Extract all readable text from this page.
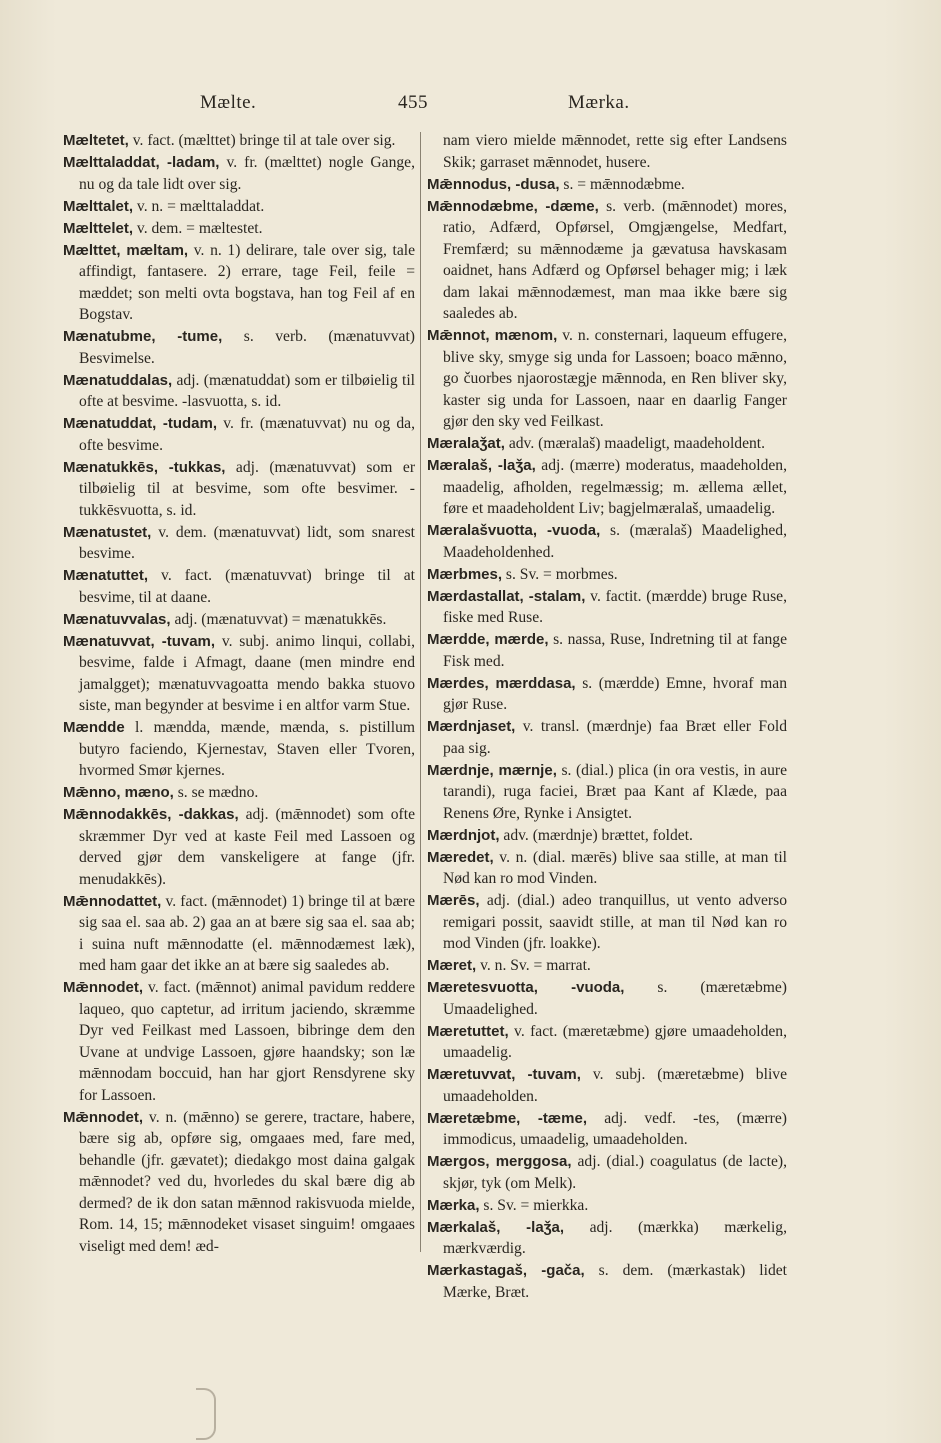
Mælte.	455	Mærka.

Mæltetet, v. fact. (mælttet) bringe til at tale over sig.

Mælttaladdat, -ladam, v. fr. (mælttet) nogle Gange, nu og da tale lidt over sig.

Mælttalet, v. n. = mælttaladdat.

Mælttelet, v. dem. = mæltestet.

Mælttet, mæltam, v. n. 1) delirare, tale over sig, tale affindigt, fantasere. 2) errare, tage Feil, feile = mæddet; son melti ovta bogstava, han tog Feil af en Bogstav.

Mænatubme, -tume, s. verb. (mænatuvvat) Besvimelse.

Mænatuddalas, adj. (mænatuddat) som er tilbøielig til ofte at besvime. -lasvuotta, s. id.

Mænatuddat, -tudam, v. fr. (mænatuvvat) nu og da, ofte besvime.

Mænatukkēs, -tukkas, adj. (mænatuvvat) som er tilbøielig til at besvime, som ofte besvimer. -tukkēsvuotta, s. id.

Mænatustet, v. dem. (mænatuvvat) lidt, som snarest besvime.

Mænatuttet, v. fact. (mænatuvvat) bringe til at besvime, til at daane.

Mænatuvvalas, adj. (mænatuvvat) = mænatukkēs.

Mænatuvvat, -tuvam, v. subj. animo linqui, collabi, besvime, falde i Afmagt, daane (men mindre end jamalgget); mænatuvvagoatta mendo bakka stuovo siste, man begynder at besvime i en altfor varm Stue.

Mændde l. mændda, mænde, mænda, s. pistillum butyro faciendo, Kjernestav, Staven eller Tvoren, hvormed Smør kjernes.

Mǣnno, mæno, s. se mædno.

Mǣnnodakkēs, -dakkas, adj. (mǣnnodet) som ofte skræmmer Dyr ved at kaste Feil med Lassoen og derved gjør dem vanskeligere at fange (jfr. menudakkēs).

Mǣnnodattet, v. fact. (mǣnnodet) 1) bringe til at bære sig saa el. saa ab. 2) gaa an at bære sig saa el. saa ab; i suina nuft mǣnnodatte (el. mǣnnodæmest læk), med ham gaar det ikke an at bære sig saaledes ab.

Mǣnnodet, v. fact. (mǣnnot) animal pavidum reddere laqueo, quo captetur, ad irritum jaciendo, skræmme Dyr ved Feilkast med Lassoen, bibringe dem den Uvane at undvige Lassoen, gjøre haandsky; son læ mǣnnodam boccuid, han har gjort Rensdyrene sky for Lassoen.

Mǣnnodet, v. n. (mǣnno) se gerere, tractare, habere, bære sig ab, opføre sig, omgaaes med, fare med, behandle (jfr. gævatet); diedakgo most daina galgak mǣnnodet? ved du, hvorledes du skal bære dig ab dermed? de ik don satan mǣnnod rakisvuoda mielde, Rom. 14, 15; mǣnnodeket visaset singuim! omgaaes viseligt med dem! æd-

nam viero mielde mǣnnodet, rette sig efter Landsens Skik; garraset mǣnnodet, husere.

Mǣnnodus, -dusa, s. = mǣnnodæbme.

Mǣnnodæbme, -dæme, s. verb. (mǣnnodet) mores, ratio, Adfærd, Opførsel, Omgjængelse, Medfart, Fremfærd; su mǣnnodæme ja gævatusa havskasam oaidnet, hans Adfærd og Opførsel behager mig; i læk dam lakai mǣnnodæmest, man maa ikke bære sig saaledes ab.

Mǣnnot, mænom, v. n. consternari, laqueum effugere, blive sky, smyge sig unda for Lassoen; boaco mǣnno, go čuorbes njaorostægje mǣnnoda, en Ren bliver sky, kaster sig unda for Lassoen, naar en daarlig Fanger gjør den sky ved Feilkast.

Mæralaǯat, adv. (mæralaš) maadeligt, maadeholdent.

Mæralaš, -laǯa, adj. (mærre) moderatus, maadeholden, maadelig, afholden, regelmæssig; m. ællema ællet, føre et maadeholdent Liv; bagjelmæralaš, umaadelig.

Mæralašvuotta, -vuoda, s. (mæralaš) Maadelighed, Maadeholdenhed.

Mærbmes, s. Sv. = morbmes.

Mærdastallat, -stalam, v. factit. (mærdde) bruge Ruse, fiske med Ruse.

Mærdde, mærde, s. nassa, Ruse, Indretning til at fange Fisk med.

Mærdes, mærddasa, s. (mærdde) Emne, hvoraf man gjør Ruse.

Mærdnjaset, v. transl. (mærdnje) faa Bræt eller Fold paa sig.

Mærdnje, mærnje, s. (dial.) plica (in ora vestis, in aure tarandi), ruga faciei, Bræt paa Kant af Klæde, paa Renens Øre, Rynke i Ansigtet.

Mærdnjot, adv. (mærdnje) brættet, foldet.

Mæredet, v. n. (dial. mærēs) blive saa stille, at man til Nød kan ro mod Vinden.

Mærēs, adj. (dial.) adeo tranquillus, ut vento adverso remigari possit, saavidt stille, at man til Nød kan ro mod Vinden (jfr. loakke).

Mæret, v. n. Sv. = marrat.

Mæretesvuotta, -vuoda, s. (mæretæbme) Umaadelighed.

Mæretuttet, v. fact. (mæretæbme) gjøre umaadeholden, umaadelig.

Mæretuvvat, -tuvam, v. subj. (mæretæbme) blive umaadeholden.

Mæretæbme, -tæme, adj. vedf. -tes, (mærre) immodicus, umaadelig, umaadeholden.

Mærgos, merggosa, adj. (dial.) coagulatus (de lacte), skjør, tyk (om Melk).

Mærka, s. Sv. = mierkka.

Mærkalaš, -laǯa, adj. (mærkka) mærkelig, mærkværdig.

Mærkastagaš, -gača, s. dem. (mærkastak) lidet Mærke, Bræt.
